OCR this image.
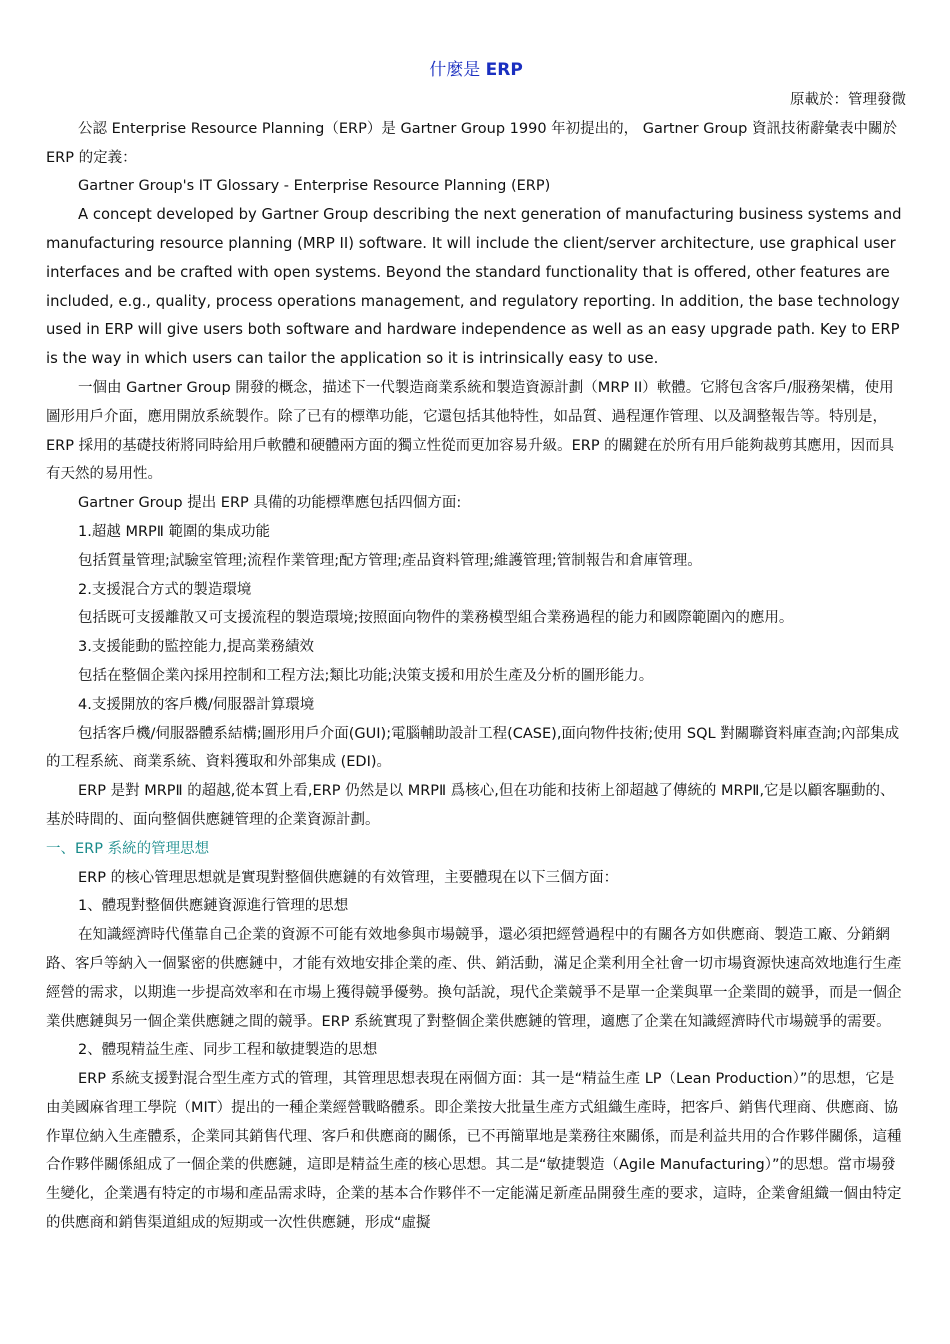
什麼是 ERP

原載於：管理發微

公認 Enterprise Resource Planning（ERP）是 Gartner Group 1990 年初提出的， Gartner Group 資訊技術辭彙表中關於 ERP 的定義：

Gartner Group's IT Glossary - Enterprise Resource Planning (ERP)

A concept developed by Gartner Group describing the next generation of manufacturing business systems and manufacturing resource planning (MRP II) software. It will include the client/server architecture, use graphical user interfaces and be crafted with open systems. Beyond the standard functionality that is offered, other features are included, e.g., quality, process operations management, and regulatory reporting. In addition, the base technology used in ERP will give users both software and hardware independence as well as an easy upgrade path. Key to ERP is the way in which users can tailor the application so it is intrinsically easy to use.

一個由 Gartner Group 開發的概念，描述下一代製造商業系統和製造資源計劃（MRP II）軟體。它將包含客戶/服務架構，使用圖形用戶介面，應用開放系統製作。除了已有的標準功能，它還包括其他特性，如品質、過程運作管理、以及調整報告等。特別是，ERP 採用的基礎技術將同時給用戶軟體和硬體兩方面的獨立性從而更加容易升級。ERP 的關鍵在於所有用戶能夠裁剪其應用，因而具有天然的易用性。

Gartner Group 提出 ERP 具備的功能標準應包括四個方面:

1.超越 MRPⅡ 範圍的集成功能

包括質量管理;試驗室管理;流程作業管理;配方管理;產品資料管理;維護管理;管制報告和倉庫管理。

2.支援混合方式的製造環境

包括既可支援離散又可支援流程的製造環境;按照面向物件的業務模型組合業務過程的能力和國際範圍內的應用。

3.支援能動的監控能力,提高業務績效

包括在整個企業內採用控制和工程方法;類比功能;決策支援和用於生產及分析的圖形能力。

4.支援開放的客戶機/伺服器計算環境

包括客戶機/伺服器體系結構;圖形用戶介面(GUI);電腦輔助設計工程(CASE),面向物件技術;使用 SQL 對關聯資料庫查詢;內部集成的工程系統、商業系統、資料獲取和外部集成 (EDI)。

ERP 是對 MRPⅡ 的超越,從本質上看,ERP 仍然是以 MRPⅡ 爲核心,但在功能和技術上卻超越了傳統的 MRPⅡ,它是以顧客驅動的、基於時間的、面向整個供應鏈管理的企業資源計劃。

一、ERP 系統的管理思想

ERP 的核心管理思想就是實現對整個供應鏈的有效管理，主要體現在以下三個方面：

1、體現對整個供應鏈資源進行管理的思想

在知識經濟時代僅靠自己企業的資源不可能有效地參與市場競爭，還必須把經營過程中的有關各方如供應商、製造工廠、分銷網路、客戶等納入一個緊密的供應鏈中，才能有效地安排企業的產、供、銷活動，滿足企業利用全社會一切市場資源快速高效地進行生產經營的需求，以期進一步提高效率和在市場上獲得競爭優勢。換句話說，現代企業競爭不是單一企業與單一企業間的競爭，而是一個企業供應鏈與另一個企業供應鏈之間的競爭。ERP 系統實現了對整個企業供應鏈的管理，適應了企業在知識經濟時代市場競爭的需要。

2、體現精益生產、同步工程和敏捷製造的思想

ERP 系統支援對混合型生產方式的管理，其管理思想表現在兩個方面：其一是“精益生產 LP（Lean Production）”的思想，它是由美國麻省理工學院（MIT）提出的一種企業經營戰略體系。即企業按大批量生產方式組織生產時，把客戶、銷售代理商、供應商、協作單位納入生產體系，企業同其銷售代理、客戶和供應商的關係，已不再簡單地是業務往來關係，而是利益共用的合作夥伴關係，這種合作夥伴關係組成了一個企業的供應鏈，這即是精益生產的核心思想。其二是“敏捷製造（Agile Manufacturing）”的思想。當市場發生變化，企業遇有特定的市場和產品需求時，企業的基本合作夥伴不一定能滿足新產品開發生產的要求，這時，企業會組織一個由特定的供應商和銷售渠道組成的短期或一次性供應鏈，形成“虛擬
